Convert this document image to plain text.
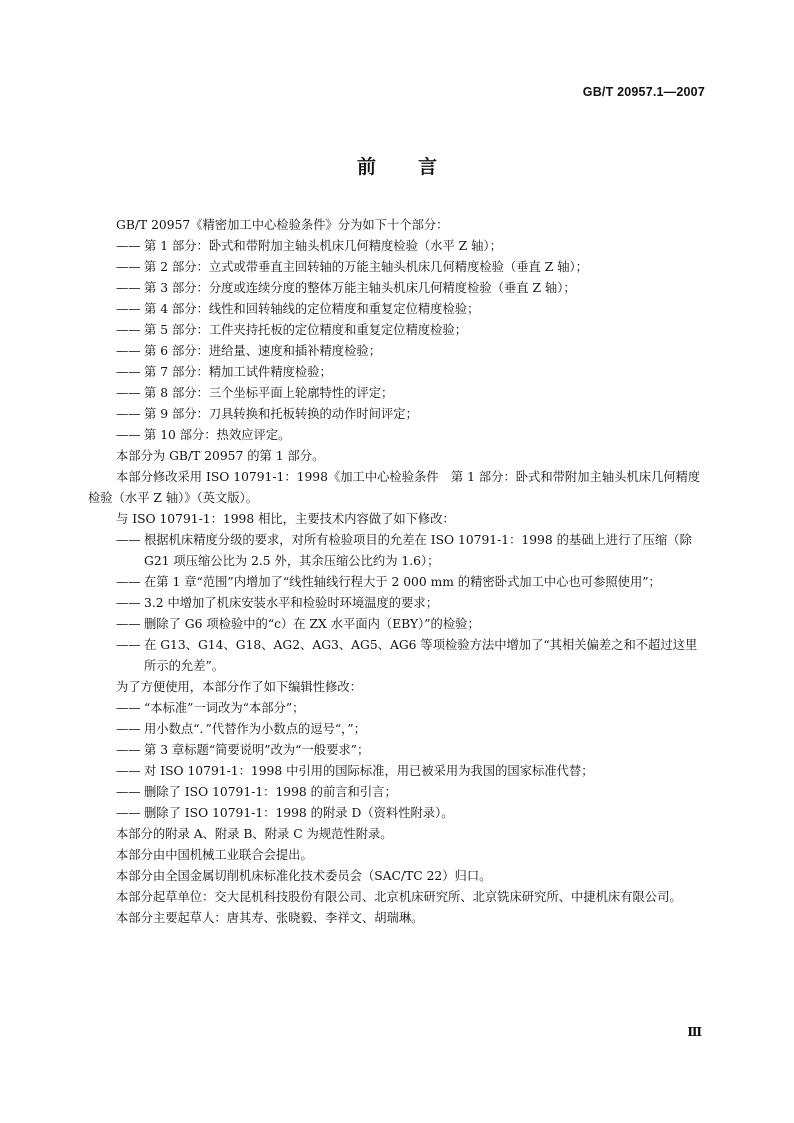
GB/T 20957.1—2007
前言

GB/T 20957《精密加工中心检验条件》分为如下十个部分：

—— 第 1 部分：卧式和带附加主轴头机床几何精度检验（水平 Z 轴）；

—— 第 2 部分：立式或带垂直主回转轴的万能主轴头机床几何精度检验（垂直 Z 轴）；

—— 第 3 部分：分度或连续分度的整体万能主轴头机床几何精度检验（垂直 Z 轴）；

—— 第 4 部分：线性和回转轴线的定位精度和重复定位精度检验；

—— 第 5 部分：工件夹持托板的定位精度和重复定位精度检验；

—— 第 6 部分：进给量、速度和插补精度检验；

—— 第 7 部分：精加工试件精度检验；

—— 第 8 部分：三个坐标平面上轮廓特性的评定；

—— 第 9 部分：刀具转换和托板转换的动作时间评定；

—— 第 10 部分：热效应评定。

本部分为 GB/T 20957 的第 1 部分。

本部分修改采用 ISO 10791-1：1998《加工中心检验条件　第 1 部分：卧式和带附加主轴头机床几何精度检验（水平 Z 轴）》（英文版）。

与 ISO 10791-1：1998 相比，主要技术内容做了如下修改：

—— 根据机床精度分级的要求，对所有检验项目的允差在 ISO 10791-1：1998 的基础上进行了压缩（除 G21 项压缩公比为 2.5 外，其余压缩公比约为 1.6）；

—— 在第 1 章“范围”内增加了“线性轴线行程大于 2 000 mm 的精密卧式加工中心也可参照使用”；

—— 3.2 中增加了机床安装水平和检验时环境温度的要求；

—— 删除了 G6 项检验中的“c）在 ZX 水平面内（EBY）”的检验；

—— 在 G13、G14、G18、AG2、AG3、AG5、AG6 等项检验方法中增加了“其相关偏差之和不超过这里所示的允差”。

为了方便使用，本部分作了如下编辑性修改：

—— “本标准”一词改为“本部分”；

—— 用小数点“．”代替作为小数点的逗号“，”；

—— 第 3 章标题“简要说明”改为“一般要求”；

—— 对 ISO 10791-1：1998 中引用的国际标准，用已被采用为我国的国家标准代替；

—— 删除了 ISO 10791-1：1998 的前言和引言；

—— 删除了 ISO 10791-1：1998 的附录 D（资料性附录）。

本部分的附录 A、附录 B、附录 C 为规范性附录。

本部分由中国机械工业联合会提出。

本部分由全国金属切削机床标准化技术委员会（SAC/TC 22）归口。

本部分起草单位：交大昆机科技股份有限公司、北京机床研究所、北京铣床研究所、中捷机床有限公司。

本部分主要起草人：唐其寿、张晓毅、李祥文、胡瑞琳。

Ⅲ
